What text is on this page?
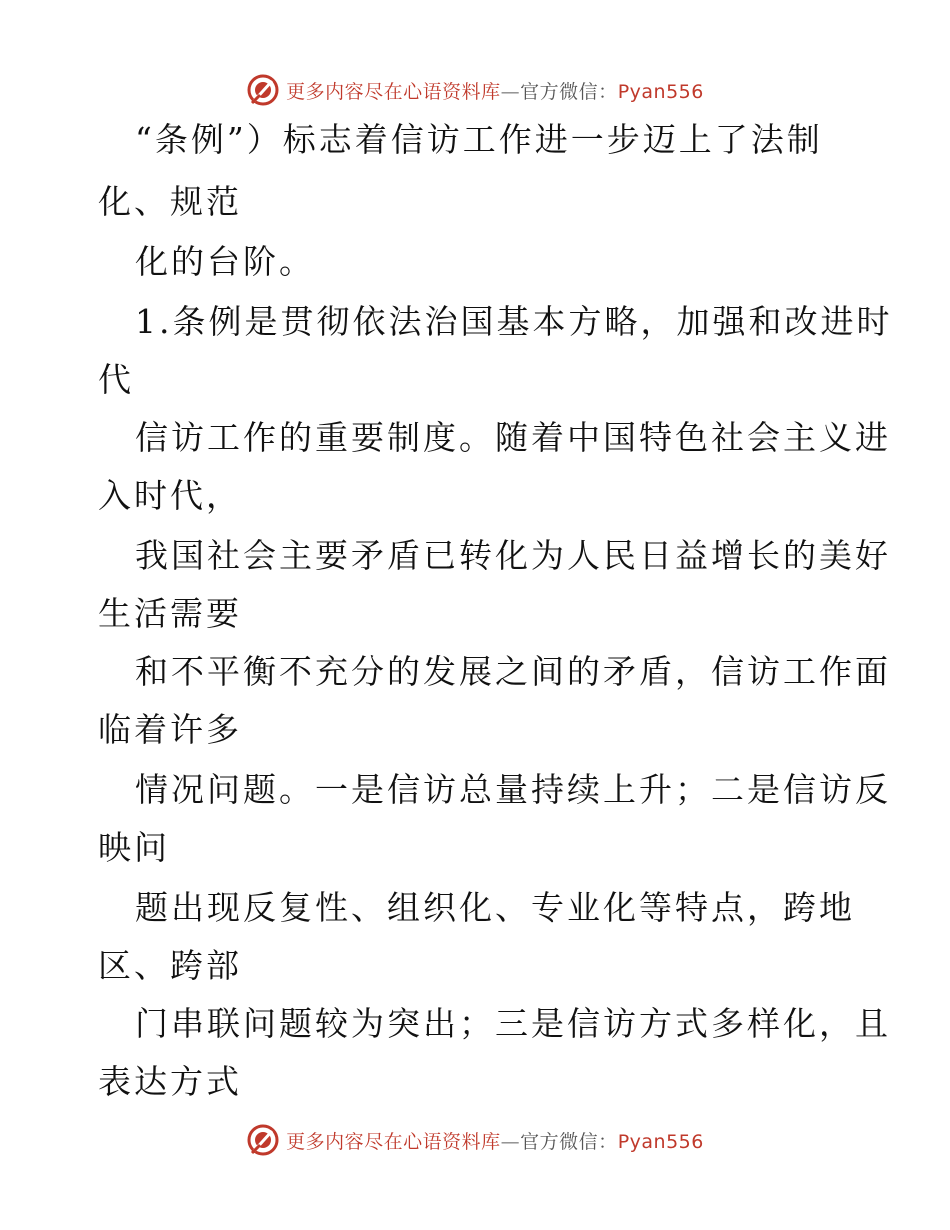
更多内容尽在心语资料库—官方微信：Pyan556
“条例”）标志着信访工作进一步迈上了法制
化、规范
化的台阶。
1.条例是贯彻依法治国基本方略，加强和改进时
代
信访工作的重要制度。随着中国特色社会主义进
入时代，
我国社会主要矛盾已转化为人民日益增长的美好
生活需要
和不平衡不充分的发展之间的矛盾，信访工作面
临着许多
情况问题。一是信访总量持续上升；二是信访反
映问
题出现反复性、组织化、专业化等特点，跨地
区、跨部
门串联问题较为突出；三是信访方式多样化，且
表达方式
更多内容尽在心语资料库—官方微信：Pyan556
